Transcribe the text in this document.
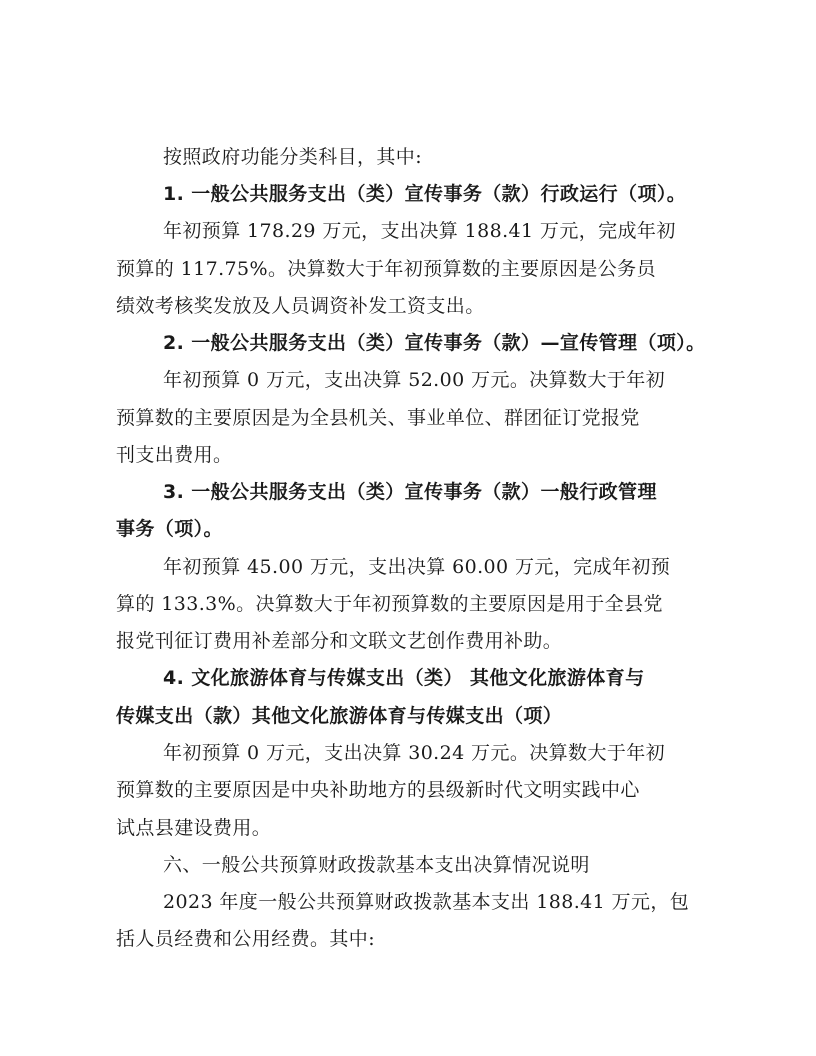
按照政府功能分类科目，其中:
1. 一般公共服务支出（类）宣传事务（款）行政运行（项）。
年初预算 178.29 万元，支出决算 188.41 万元，完成年初
预算的 117.75%。决算数大于年初预算数的主要原因是公务员
绩效考核奖发放及人员调资补发工资支出。
2. 一般公共服务支出（类）宣传事务（款）—宣传管理（项）。
年初预算 0 万元，支出决算 52.00 万元。决算数大于年初
预算数的主要原因是为全县机关、事业单位、群团征订党报党
刊支出费用。
3. 一般公共服务支出（类）宣传事务（款）一般行政管理
事务（项）。
年初预算 45.00 万元，支出决算 60.00 万元，完成年初预
算的 133.3%。决算数大于年初预算数的主要原因是用于全县党
报党刊征订费用补差部分和文联文艺创作费用补助。
4. 文化旅游体育与传媒支出（类） 其他文化旅游体育与
传媒支出（款）其他文化旅游体育与传媒支出（项）
年初预算 0 万元，支出决算 30.24 万元。决算数大于年初
预算数的主要原因是中央补助地方的县级新时代文明实践中心
试点县建设费用。
六、一般公共预算财政拨款基本支出决算情况说明
2023 年度一般公共预算财政拨款基本支出 188.41 万元，包
括人员经费和公用经费。其中:
